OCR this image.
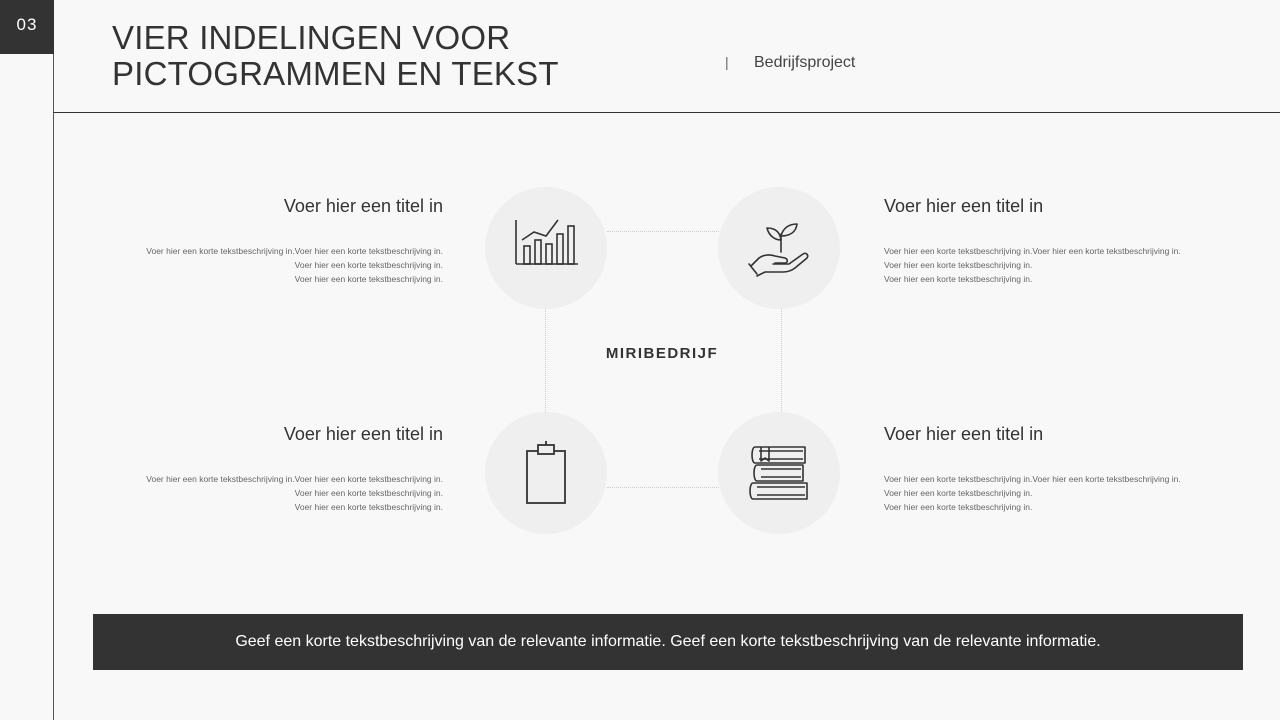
03 VIER INDELINGEN VOOR PICTOGRAMMEN EN TEKST	| Bedrijfsproject
MIRIBEDRIJF
Voer hier een titel in
Voer hier een korte tekstbeschrijving in.Voer hier een korte tekstbeschrijving in.
Voer hier een korte tekstbeschrijving in.
Voer hier een korte tekstbeschrijving in.
Voer hier een titel in
Voer hier een korte tekstbeschrijving in.Voer hier een korte tekstbeschrijving in.
Voer hier een korte tekstbeschrijving in.
Voer hier een korte tekstbeschrijving in.
Voer hier een titel in
Voer hier een korte tekstbeschrijving in.Voer hier een korte tekstbeschrijving in.
Voer hier een korte tekstbeschrijving in.
Voer hier een korte tekstbeschrijving in.
Voer hier een titel in
Voer hier een korte tekstbeschrijving in.Voer hier een korte tekstbeschrijving in.
Voer hier een korte tekstbeschrijving in.
Voer hier een korte tekstbeschrijving in.
Geef een korte tekstbeschrijving van de relevante informatie. Geef een korte tekstbeschrijving van de relevante informatie.
